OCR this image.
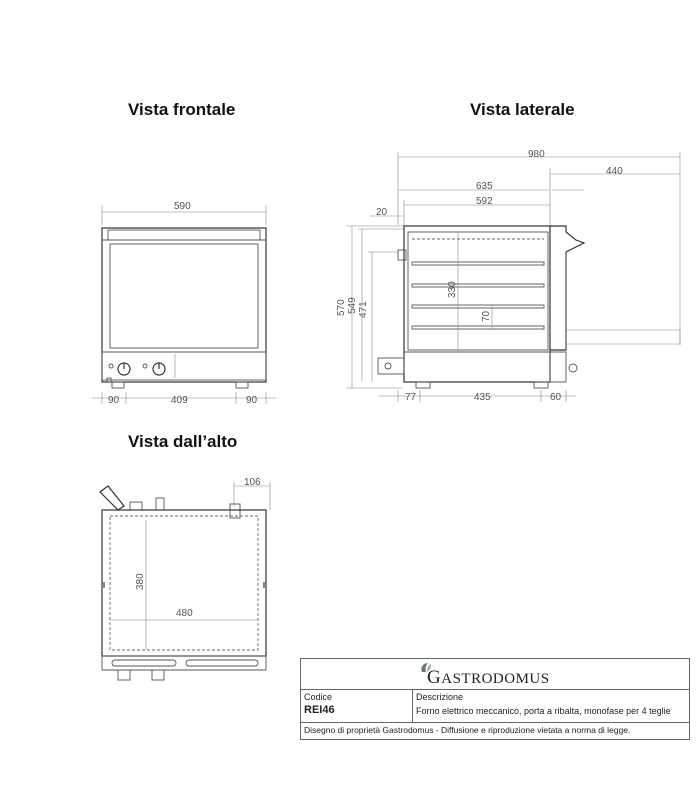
Vista frontale	Vista laterale
Vista dall’alto
590
90	409	90
980
440
635
592
20
570 549 471
330
70
77	435	60
106
380
480
GASTRODOMUS
Codice
REI46
Descrizione
Forno elettrico meccanico, porta a ribalta, monofase per 4 teglie
Disegno di proprietà Gastrodomus - Diffusione e riproduzione vietata a norma di legge.
